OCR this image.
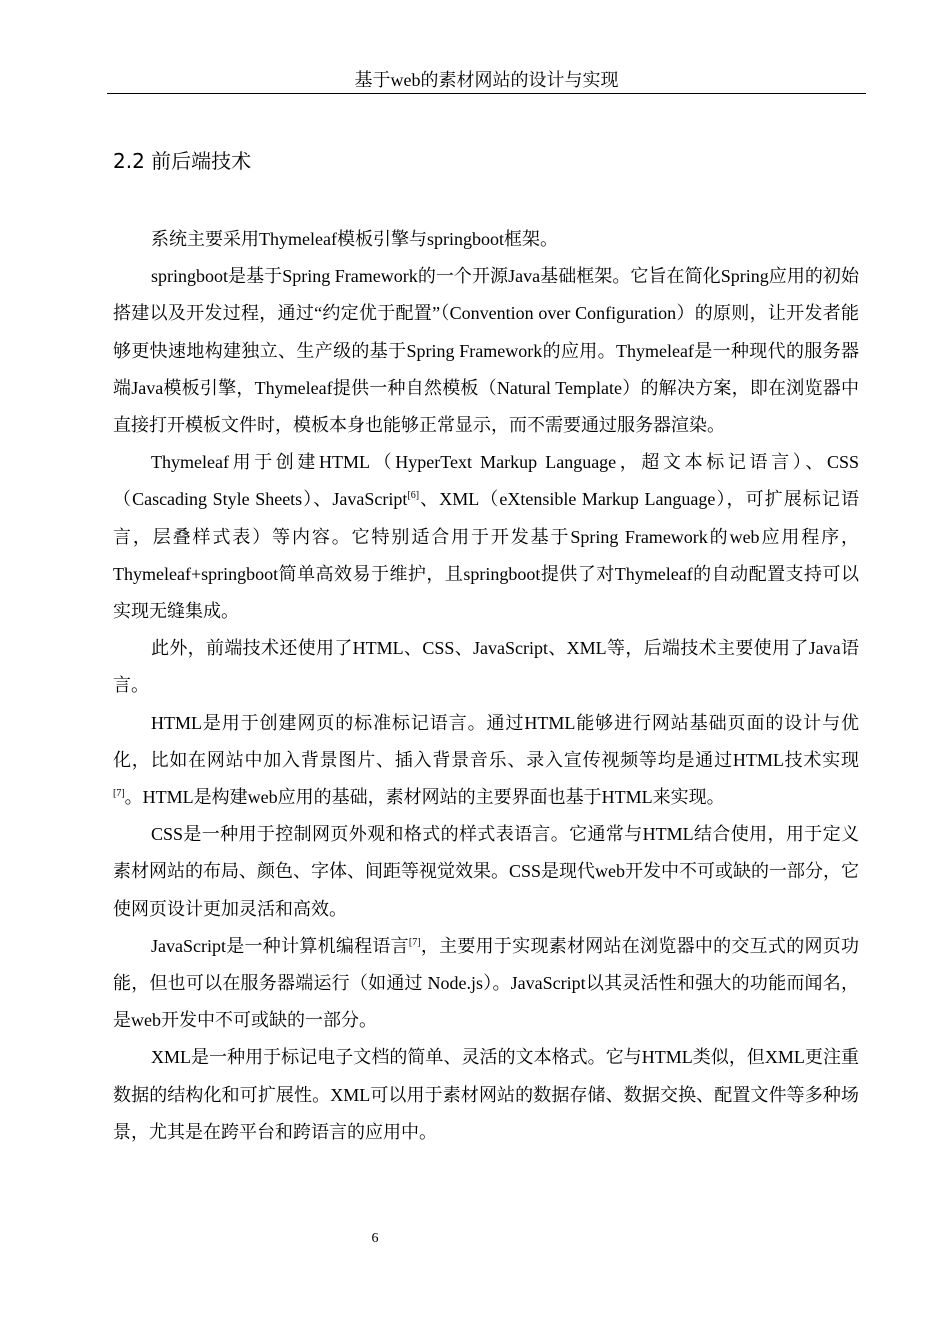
基于web的素材网站的设计与实现
2.2 前后端技术

系统主要采用Thymeleaf模板引擎与springboot框架。

springboot是基于Spring Framework的一个开源Java基础框架。它旨在简化Spring应用的初始搭建以及开发过程，通过“约定优于配置”（Convention over Configuration）的原则，让开发者能够更快速地构建独立、生产级的基于Spring Framework的应用。Thymeleaf是一种现代的服务器端Java模板引擎，Thymeleaf提供一种自然模板（Natural Template）的解决方案，即在浏览器中直接打开模板文件时，模板本身也能够正常显示，而不需要通过服务器渲染。

Thymeleaf用于创建HTML（HyperText Markup Language，超文本标记语言）、CSS（Cascading Style Sheets）、JavaScript[6]、XML（eXtensible Markup Language），可扩展标记语言，层叠样式表）等内容。它特别适合用于开发基于Spring Framework的web应用程序，Thymeleaf+springboot简单高效易于维护，且springboot提供了对Thymeleaf的自动配置支持可以实现无缝集成。

此外，前端技术还使用了HTML、CSS、JavaScript、XML等，后端技术主要使用了Java语言。

HTML是用于创建网页的标准标记语言。通过HTML能够进行网站基础页面的设计与优化，比如在网站中加入背景图片、插入背景音乐、录入宣传视频等均是通过HTML技术实现[7]。HTML是构建web应用的基础，素材网站的主要界面也基于HTML来实现。

CSS是一种用于控制网页外观和格式的样式表语言。它通常与HTML结合使用，用于定义素材网站的布局、颜色、字体、间距等视觉效果。CSS是现代web开发中不可或缺的一部分，它使网页设计更加灵活和高效。

JavaScript是一种计算机编程语言[7]，主要用于实现素材网站在浏览器中的交互式的网页功能，但也可以在服务器端运行（如通过 Node.js）。JavaScript以其灵活性和强大的功能而闻名，是web开发中不可或缺的一部分。

XML是一种用于标记电子文档的简单、灵活的文本格式。它与HTML类似，但XML更注重数据的结构化和可扩展性。XML可以用于素材网站的数据存储、数据交换、配置文件等多种场景，尤其是在跨平台和跨语言的应用中。

6
